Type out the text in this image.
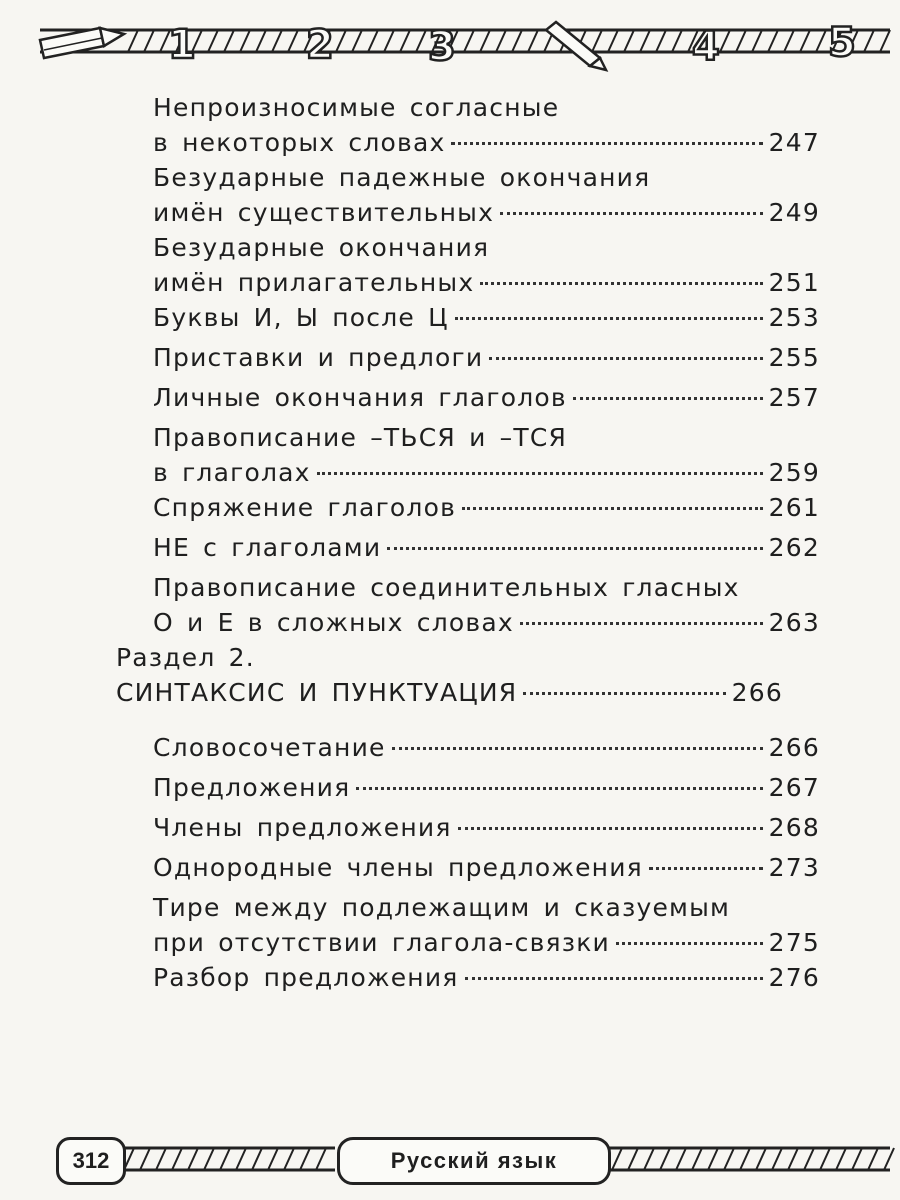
1	2 3	4	5
Непроизносимые согласные
в некоторых словах	247
Безударные падежные окончания
имён существительных	249
Безударные окончания
имён прилагательных	251
Буквы И, Ы после Ц	253
Приставки и предлоги	255
Личные окончания глаголов	257
Правописание –ТЬСЯ и –ТСЯ
в глаголах	259
Спряжение глаголов	261
НЕ с глаголами	262
Правописание соединительных гласных
О и Е в сложных словах	263
Раздел 2.
СИНТАКСИС И ПУНКТУАЦИЯ	266
Словосочетание	266
Предложения	267
Члены предложения	268
Однородные члены предложения	273
Тире между подлежащим и сказуемым
при отсутствии глагола-связки	275
Разбор предложения	276
312	Русский язык
